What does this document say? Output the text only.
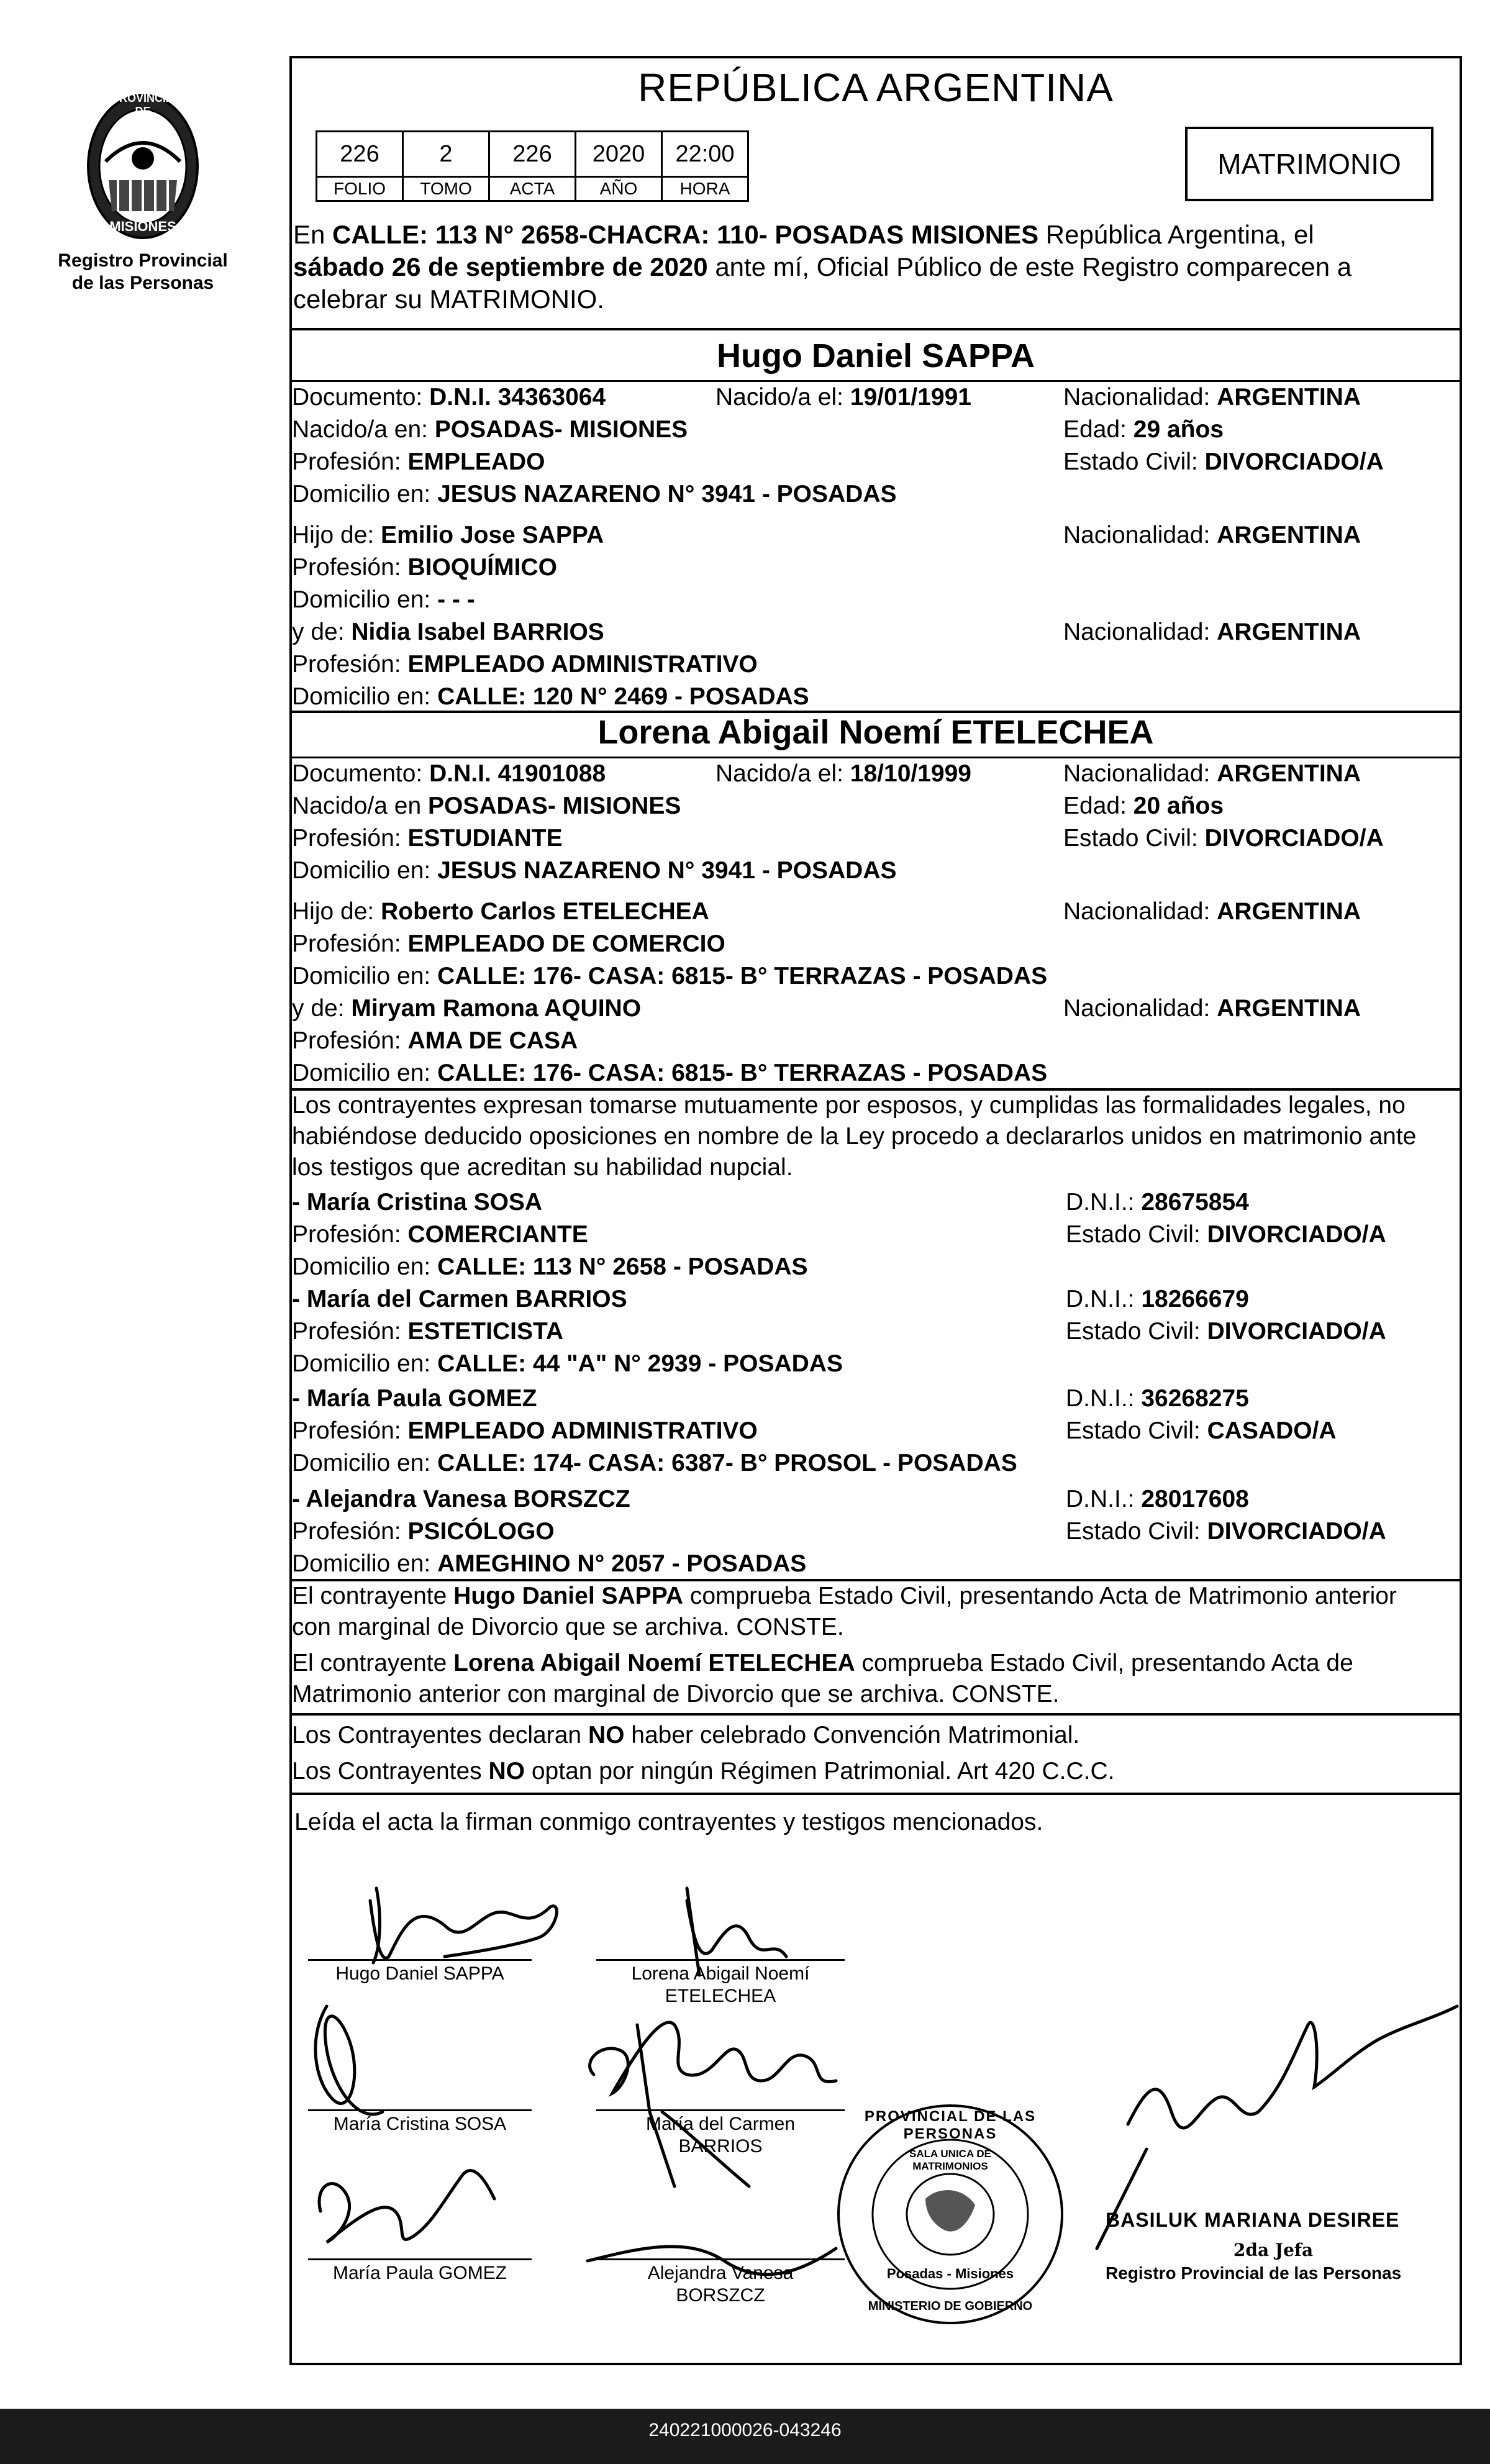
PROVINCIA DE
MISIONES
Registro Provincial
de las Personas
REPÚBLICA ARGENTINA
226	2	226	2020	22:00
FOLIO	TOMO	ACTA	AÑO	HORA
MATRIMONIO
En CALLE: 113 N° 2658-CHACRA: 110- POSADAS MISIONES República Argentina, el
sábado 26 de septiembre de 2020 ante mí, Oficial Público de este Registro comparecen a
celebrar su MATRIMONIO.
Hugo Daniel SAPPA
Documento: D.N.I. 34363064	Nacido/a el: 19/01/1991	Nacionalidad: ARGENTINA
Nacido/a en: POSADAS- MISIONES	Edad: 29 años
Profesión: EMPLEADO	Estado Civil: DIVORCIADO/A
Domicilio en: JESUS NAZARENO N° 3941 - POSADAS
Hijo de: Emilio Jose SAPPA	Nacionalidad: ARGENTINA
Profesión: BIOQUÍMICO
Domicilio en: - - -
y de: Nidia Isabel BARRIOS	Nacionalidad: ARGENTINA
Profesión: EMPLEADO ADMINISTRATIVO
Domicilio en: CALLE: 120 N° 2469 - POSADAS
Lorena Abigail Noemí ETELECHEA
Documento: D.N.I. 41901088	Nacido/a el: 18/10/1999	Nacionalidad: ARGENTINA
Nacido/a en POSADAS- MISIONES	Edad: 20 años
Profesión: ESTUDIANTE	Estado Civil: DIVORCIADO/A
Domicilio en: JESUS NAZARENO N° 3941 - POSADAS
Hijo de: Roberto Carlos ETELECHEA	Nacionalidad: ARGENTINA
Profesión: EMPLEADO DE COMERCIO
Domicilio en: CALLE: 176- CASA: 6815- B° TERRAZAS - POSADAS
y de: Miryam Ramona AQUINO	Nacionalidad: ARGENTINA
Profesión: AMA DE CASA
Domicilio en: CALLE: 176- CASA: 6815- B° TERRAZAS - POSADAS
Los contrayentes expresan tomarse mutuamente por esposos, y cumplidas las formalidades legales, no
habiéndose deducido oposiciones en nombre de la Ley procedo a declararlos unidos en matrimonio ante
los testigos que acreditan su habilidad nupcial.
- María Cristina SOSA	D.N.I.: 28675854
Profesión: COMERCIANTE	Estado Civil: DIVORCIADO/A
Domicilio en: CALLE: 113 N° 2658 - POSADAS
- María del Carmen BARRIOS	D.N.I.: 18266679
Profesión: ESTETICISTA	Estado Civil: DIVORCIADO/A
Domicilio en: CALLE: 44 "A" N° 2939 - POSADAS
- María Paula GOMEZ	D.N.I.: 36268275
Profesión: EMPLEADO ADMINISTRATIVO	Estado Civil: CASADO/A
Domicilio en: CALLE: 174- CASA: 6387- B° PROSOL - POSADAS
- Alejandra Vanesa BORSZCZ	D.N.I.: 28017608
Profesión: PSICÓLOGO	Estado Civil: DIVORCIADO/A
Domicilio en: AMEGHINO N° 2057 - POSADAS
El contrayente Hugo Daniel SAPPA comprueba Estado Civil, presentando Acta de Matrimonio anterior
con marginal de Divorcio que se archiva. CONSTE.
El contrayente Lorena Abigail Noemí ETELECHEA comprueba Estado Civil, presentando Acta de
Matrimonio anterior con marginal de Divorcio que se archiva. CONSTE.
Los Contrayentes declaran NO haber celebrado Convención Matrimonial.
Los Contrayentes NO optan por ningún Régimen Patrimonial. Art 420 C.C.C.
Leída el acta la firman conmigo contrayentes y testigos mencionados.
PROVINCIAL DE LAS PERSONAS
SALA UNICA DE MATRIMONIOS
Posadas - Misiones
MINISTERIO DE GOBIERNO
Hugo Daniel SAPPA	Lorena Abigail Noemí
ETELECHEA
María Cristina SOSA	María del Carmen
BARRIOS
María Paula GOMEZ	Alejandra Vanesa
BORSZCZ
BASILUK MARIANA DESIREE
2da Jefa
Registro Provincial de las Personas
240221000026-043246
